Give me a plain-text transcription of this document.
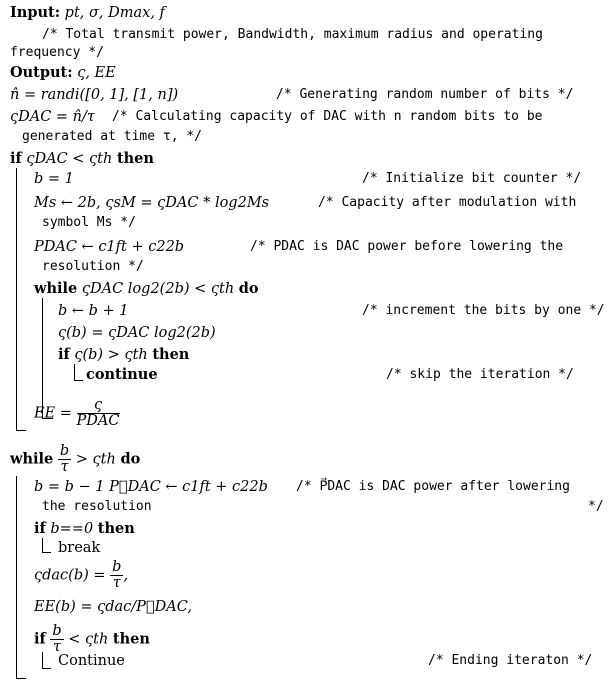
Input: pt, σ, Dmax, f
/* Total transmit power, Bandwidth, maximum radius and operating
frequency */
Output: ς, EE
n̂ = randi([0, 1], [1, n])	/* Generating random number of bits */
ςDAC = n̂/τ /* Calculating capacity of DAC with n random bits to be
generated at time τ, */
if ςDAC < ςth then
b = 1	/* Initialize bit counter */
Ms ← 2b, ςsM = ςDAC * log2Ms	/* Capacity after modulation with
symbol Ms */
PDAC ← c1ft + c22b	/* PDAC is DAC power before lowering the
resolution */
while ςDAC log2(2b) < ςth do
b ← b + 1	/* increment the bits by one */
ς(b) = ςDAC log2(2b)
if ς(b) > ςth then
continue	/* skip the iteration */
EE = $\frac{\varsigma}{\text{PDAC}}$
while $\frac{b}{\tau} > \varsigma th$ do
b = b − 1 P⃗DAC ← c1ft + c22b /* P⃗DAC is DAC power after lowering
the resolution	*/
if b==0 then
break
$\varsigma dac(b) = \frac{b}{\tau}$ ,
EE(b) = ςdac/P⃗DAC,
if $\frac{b}{\tau} < \varsigma th$ then
Continue	/* Ending iteraton */
